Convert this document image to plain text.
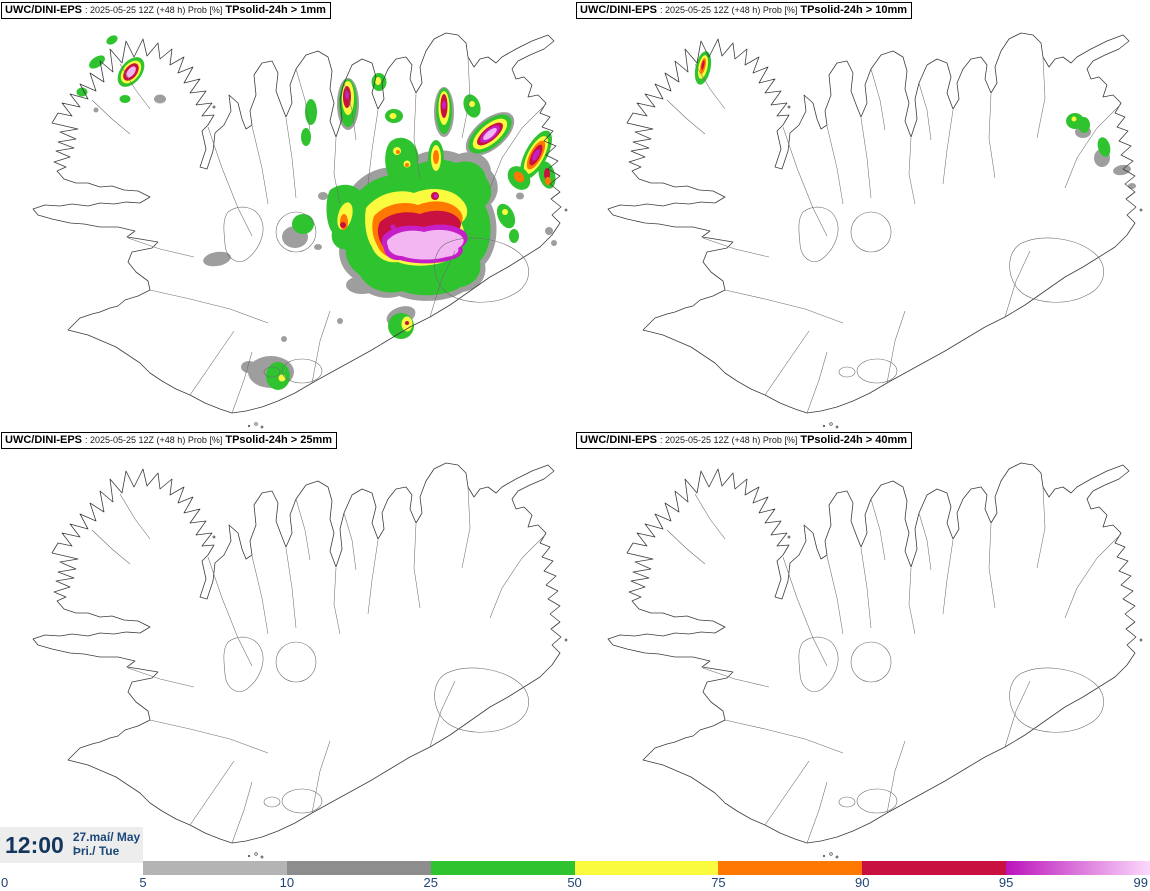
UWC/DINI-EPS : 2025-05-25 12Z (+48 h) Prob [%] TPsolid-24h > 1mm	UWC/DINI-EPS : 2025-05-25 12Z (+48 h) Prob [%] TPsolid-24h > 10mm
UWC/DINI-EPS : 2025-05-25 12Z (+48 h) Prob [%] TPsolid-24h > 25mm	UWC/DINI-EPS : 2025-05-25 12Z (+48 h) Prob [%] TPsolid-24h > 40mm
12:00 27.maí/ May
Þri./ Tue
0	5	10	25	50	75	90	95	99
